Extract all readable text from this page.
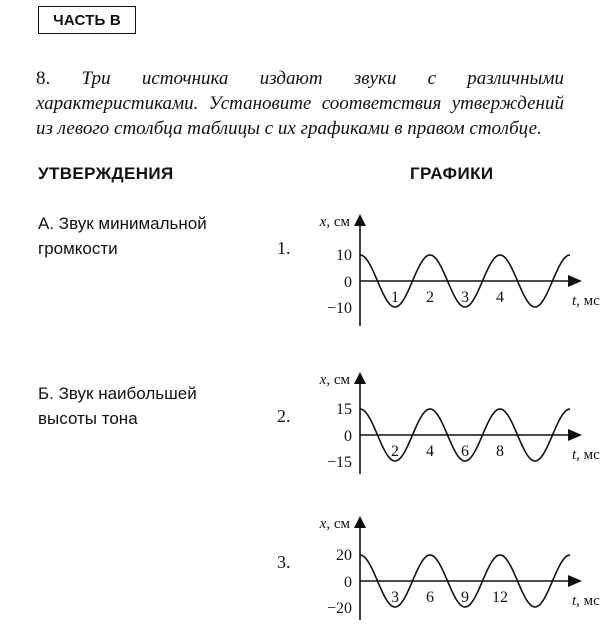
ЧАСТЬ В
8. Три источника издают звуки с различными характеристиками. Установите соответствия утверждений из левого столбца таблицы с их графиками в правом столбце.
УТВЕРЖДЕНИЯ	ГРАФИКИ
А. Звук минимальной
громкости
Б. Звук наибольшей
высоты тона
1.
2.
3.
x, см
t, мс
10
0
−10
1 2 3 4
x, см
t, мс
15
0
−15
2 4 6 8
x, см
t, мс
20
0
−20
3 6 9 12
